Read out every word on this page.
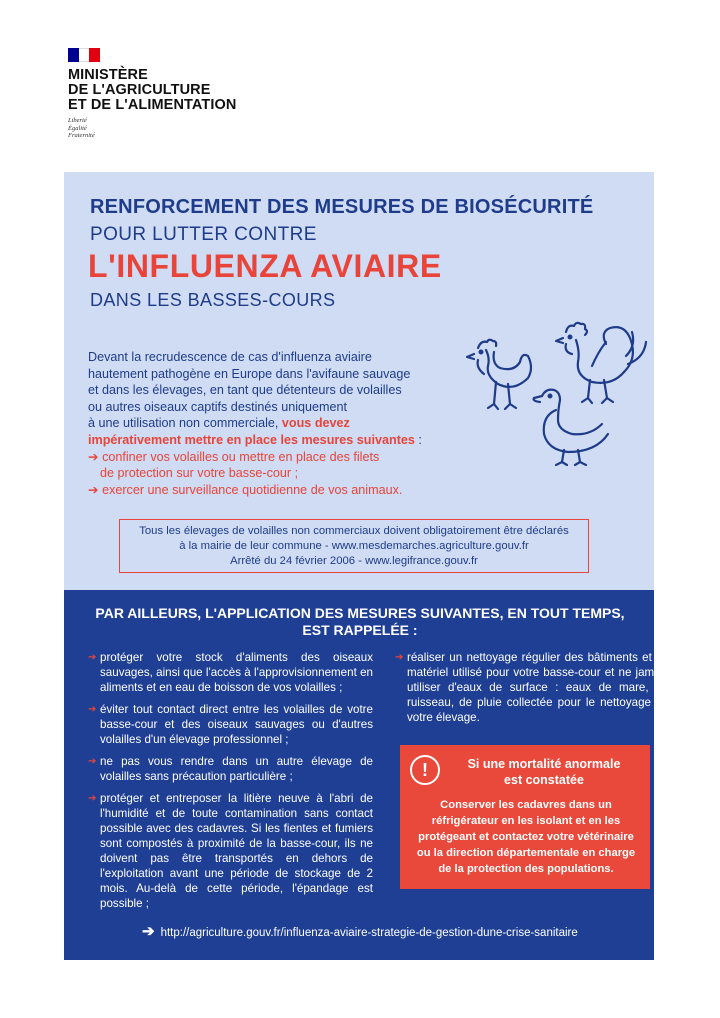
MINISTÈRE
DE L'AGRICULTURE
ET DE L'ALIMENTATION
Liberté
Égalité
Fraternité
RENFORCEMENT DES MESURES DE BIOSÉCURITÉ
POUR LUTTER CONTRE
L'INFLUENZA AVIAIRE
DANS LES BASSES-COURS
Devant la recrudescence de cas d'influenza aviaire
hautement pathogène en Europe dans l'avifaune sauvage
et dans les élevages, en tant que détenteurs de volailles
ou autres oiseaux captifs destinés uniquement
à une utilisation non commerciale, vous devez
impérativement mettre en place les mesures suivantes :
➔ confiner vos volailles ou mettre en place des filets
de protection sur votre basse-cour ;
➔ exercer une surveillance quotidienne de vos animaux.
Tous les élevages de volailles non commerciaux doivent obligatoirement être déclarés
à la mairie de leur commune - www.mesdemarches.agriculture.gouv.fr
Arrêté du 24 février 2006 - www.legifrance.gouv.fr
PAR AILLEURS, L'APPLICATION DES MESURES SUIVANTES, EN TOUT TEMPS,
EST RAPPELÉE :
➔ protéger votre stock d'aliments des oiseaux sauvages, ainsi que l'accès à l'approvisionnement en aliments et en eau de boisson de vos volailles ;
➔ éviter tout contact direct entre les volailles de votre basse-cour et des oiseaux sauvages ou d'autres volailles d'un élevage professionnel ;
➔ ne pas vous rendre dans un autre élevage de volailles sans précaution particulière ;
➔ protéger et entreposer la litière neuve à l'abri de l'humidité et de toute contamination sans contact possible avec des cadavres. Si les fientes et fumiers sont compostés à proximité de la basse-cour, ils ne doivent pas être transportés en dehors de l'exploitation avant une période de stockage de 2 mois. Au-delà de cette période, l'épandage est possible ;
➔ réaliser un nettoyage régulier des bâtiments et du matériel utilisé pour votre basse-cour et ne jamais utiliser d'eaux de surface : eaux de mare, de ruisseau, de pluie collectée pour le nettoyage de votre élevage.
!	Si une mortalité anormale
est constatée
Conserver les cadavres dans un
réfrigérateur en les isolant et en les
protégeant et contactez votre vétérinaire
ou la direction départementale en charge
de la protection des populations.
➔ http://agriculture.gouv.fr/influenza-aviaire-strategie-de-gestion-dune-crise-sanitaire
